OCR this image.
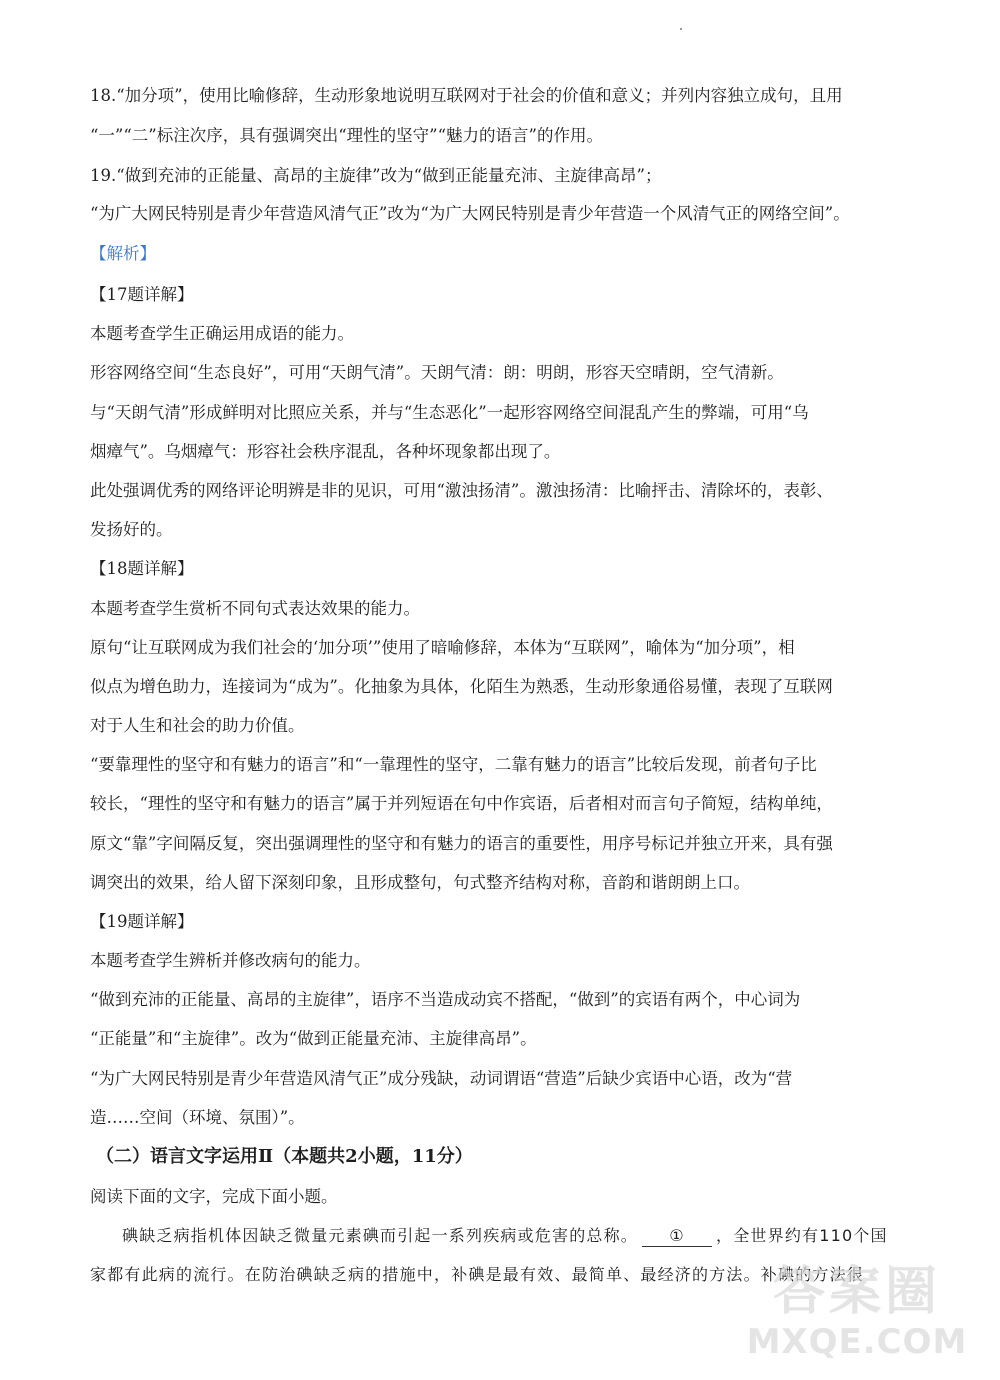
18.“加分项”，使用比喻修辞，生动形象地说明互联网对于社会的价值和意义；并列内容独立成句，且用
“一”“二”标注次序，具有强调突出“理性的坚守”“魅力的语言”的作用。
19.“做到充沛的正能量、高昂的主旋律”改为“做到正能量充沛、主旋律高昂”；
“为广大网民特别是青少年营造风清气正”改为“为广大网民特别是青少年营造一个风清气正的网络空间”。
【解析】
【17题详解】
本题考查学生正确运用成语的能力。
形容网络空间“生态良好”，可用“天朗气清”。天朗气清：朗：明朗，形容天空晴朗，空气清新。
与“天朗气清”形成鲜明对比照应关系，并与“生态恶化”一起形容网络空间混乱产生的弊端，可用“乌
烟瘴气”。乌烟瘴气：形容社会秩序混乱，各种坏现象都出现了。
此处强调优秀的网络评论明辨是非的见识，可用“激浊扬清”。激浊扬清：比喻抨击、清除坏的，表彰、
发扬好的。
【18题详解】
本题考查学生赏析不同句式表达效果的能力。
原句“让互联网成为我们社会的‘加分项’”使用了暗喻修辞，本体为“互联网”，喻体为“加分项”，相
似点为增色助力，连接词为“成为”。化抽象为具体，化陌生为熟悉，生动形象通俗易懂，表现了互联网
对于人生和社会的助力价值。
“要靠理性的坚守和有魅力的语言”和“一靠理性的坚守，二靠有魅力的语言”比较后发现，前者句子比
较长，“理性的坚守和有魅力的语言”属于并列短语在句中作宾语，后者相对而言句子简短，结构单纯，
原文“靠”字间隔反复，突出强调理性的坚守和有魅力的语言的重要性，用序号标记并独立开来，具有强
调突出的效果，给人留下深刻印象，且形成整句，句式整齐结构对称，音韵和谐朗朗上口。
【19题详解】
本题考查学生辨析并修改病句的能力。
“做到充沛的正能量、高昂的主旋律”，语序不当造成动宾不搭配，“做到”的宾语有两个，中心词为
“正能量”和“主旋律”。改为“做到正能量充沛、主旋律高昂”。
“为广大网民特别是青少年营造风清气正”成分残缺，动词谓语“营造”后缺少宾语中心语，改为“营
造……空间（环境、氛围）”。
（二）语言文字运用Ⅱ（本题共2小题，11分）
阅读下面的文字，完成下面小题。
碘缺乏病指机体因缺乏微量元素碘而引起一系列疾病或危害的总称。 ① ，全世界约有110个国
家都有此病的流行。在防治碘缺乏病的措施中，补碘是最有效、最简单、最经济的方法。补碘的方法很
答案圈
MXQE.COM
